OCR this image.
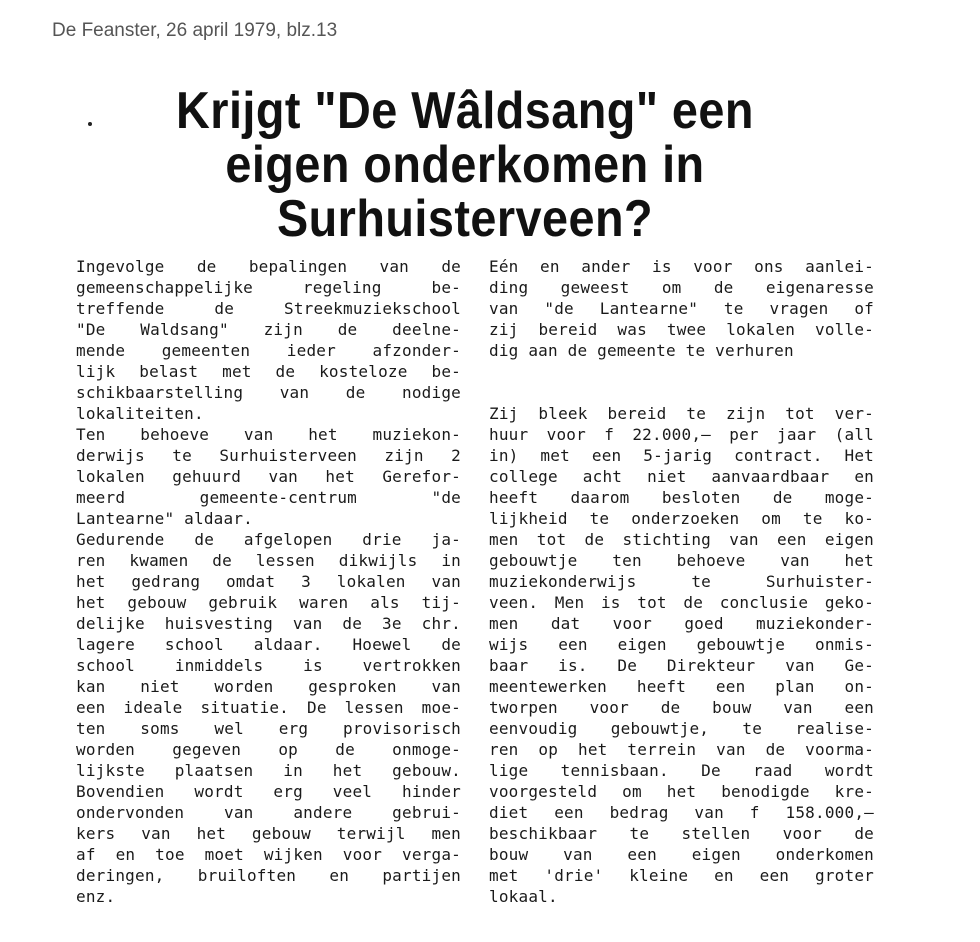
De Feanster, 26 april 1979, blz.13
Krijgt "De Wâldsang" een
eigen onderkomen in
Surhuisterveen?
Ingevolge de bepalingen van de
gemeenschappelijke regeling be-
treffende de Streekmuziekschool
"De Waldsang" zijn de deelne-
mende gemeenten ieder afzonder-
lijk belast met de kosteloze be-
schikbaarstelling van de nodige
lokaliteiten.
Ten behoeve van het muziekon-
derwijs te Surhuisterveen zijn 2
lokalen gehuurd van het Gerefor-
meerd gemeente-centrum "de
Lantearne" aldaar.
Gedurende de afgelopen drie ja-
ren kwamen de lessen dikwijls in
het gedrang omdat 3 lokalen van
het gebouw gebruik waren als tij-
delijke huisvesting van de 3e chr.
lagere school aldaar. Hoewel de
school inmiddels is vertrokken
kan niet worden gesproken van
een ideale situatie. De lessen moe-
ten soms wel erg provisorisch
worden gegeven op de onmoge-
lijkste plaatsen in het gebouw.
Bovendien wordt erg veel hinder
ondervonden van andere gebrui-
kers van het gebouw terwijl men
af en toe moet wijken voor verga-
deringen, bruiloften en partijen
enz.
Eén en ander is voor ons aanlei-
ding geweest om de eigenaresse
van "de Lantearne" te vragen of
zij bereid was twee lokalen volle-
dig aan de gemeente te verhuren
Zij bleek bereid te zijn tot ver-
huur voor f 22.000,— per jaar (all
in) met een 5-jarig contract. Het
college acht niet aanvaardbaar en
heeft daarom besloten de moge-
lijkheid te onderzoeken om te ko-
men tot de stichting van een eigen
gebouwtje ten behoeve van het
muziekonderwijs te Surhuister-
veen. Men is tot de conclusie geko-
men dat voor goed muziekonder-
wijs een eigen gebouwtje onmis-
baar is. De Direkteur van Ge-
meentewerken heeft een plan on-
tworpen voor de bouw van een
eenvoudig gebouwtje, te realise-
ren op het terrein van de voorma-
lige tennisbaan. De raad wordt
voorgesteld om het benodigde kre-
diet een bedrag van f 158.000,—
beschikbaar te stellen voor de
bouw van een eigen onderkomen
met 'drie' kleine en een groter
lokaal.
